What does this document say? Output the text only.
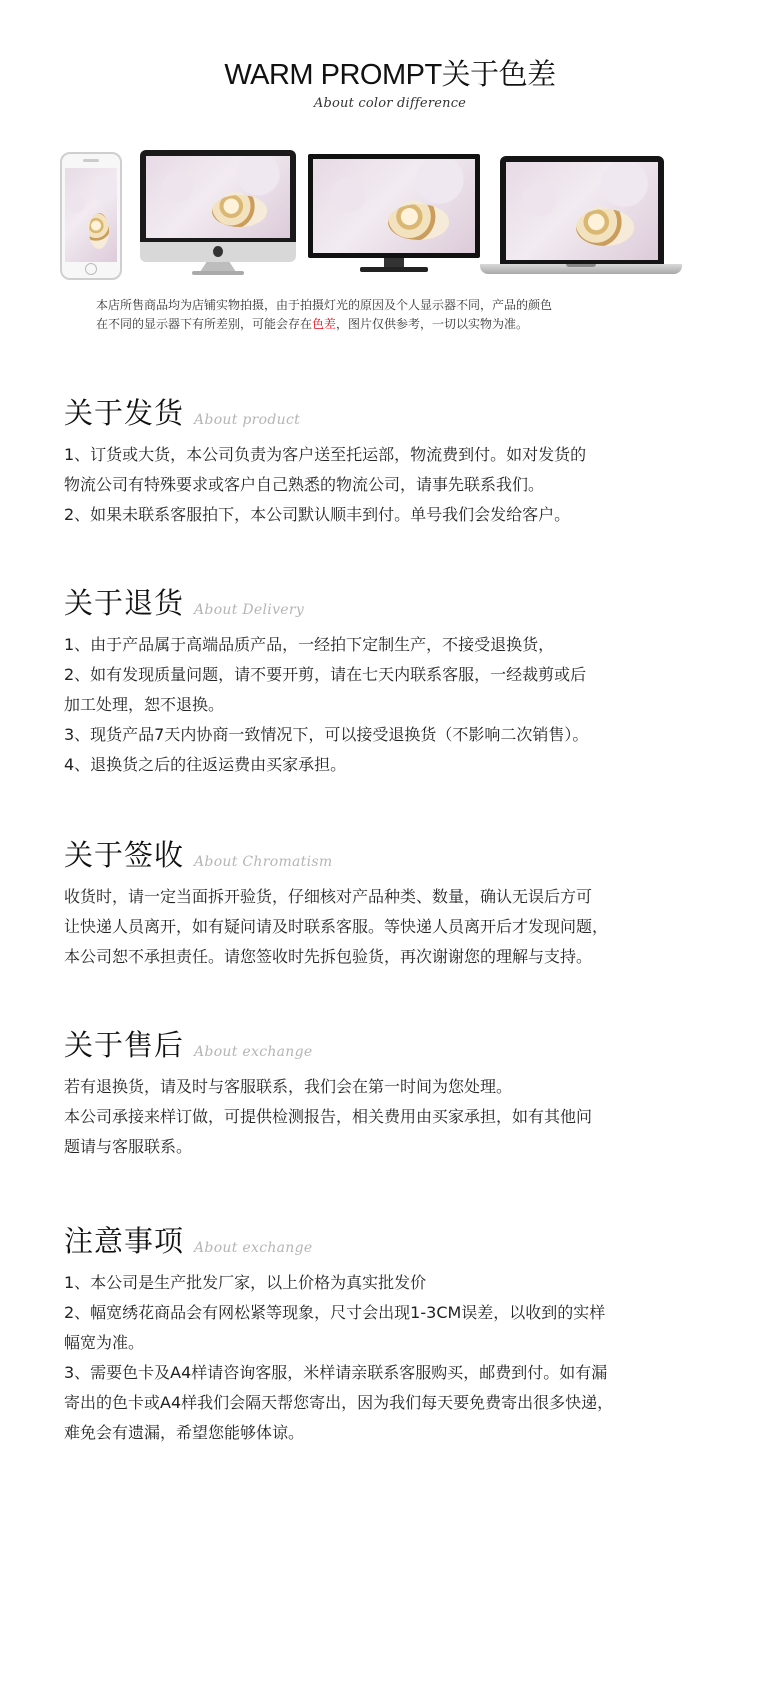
WARM PROMPT关于色差
About color difference
本店所售商品均为店铺实物拍摄，由于拍摄灯光的原因及个人显示器不同，产品的颜色
在不同的显示器下有所差别，可能会存在色差，图片仅供参考，一切以实物为准。
关于发货 About product

1、订货或大货，本公司负责为客户送至托运部，物流费到付。如对发货的

物流公司有特殊要求或客户自己熟悉的物流公司，请事先联系我们。

2、如果未联系客服拍下，本公司默认顺丰到付。单号我们会发给客户。

关于退货 About Delivery

1、由于产品属于高端品质产品，一经拍下定制生产，不接受退换货，

2、如有发现质量问题，请不要开剪，请在七天内联系客服，一经裁剪或后

加工处理，恕不退换。

3、现货产品7天内协商一致情况下，可以接受退换货（不影响二次销售）。

4、退换货之后的往返运费由买家承担。

关于签收 About Chromatism

收货时，请一定当面拆开验货，仔细核对产品种类、数量，确认无误后方可

让快递人员离开，如有疑问请及时联系客服。等快递人员离开后才发现问题，

本公司恕不承担责任。请您签收时先拆包验货，再次谢谢您的理解与支持。

关于售后 About exchange

若有退换货，请及时与客服联系，我们会在第一时间为您处理。

本公司承接来样订做，可提供检测报告，相关费用由买家承担，如有其他问

题请与客服联系。

注意事项 About exchange

1、本公司是生产批发厂家，以上价格为真实批发价

2、幅宽绣花商品会有网松紧等现象，尺寸会出现1-3CM误差，以收到的实样

幅宽为准。

3、需要色卡及A4样请咨询客服，米样请亲联系客服购买，邮费到付。如有漏

寄出的色卡或A4样我们会隔天帮您寄出，因为我们每天要免费寄出很多快递，

难免会有遗漏，希望您能够体谅。
